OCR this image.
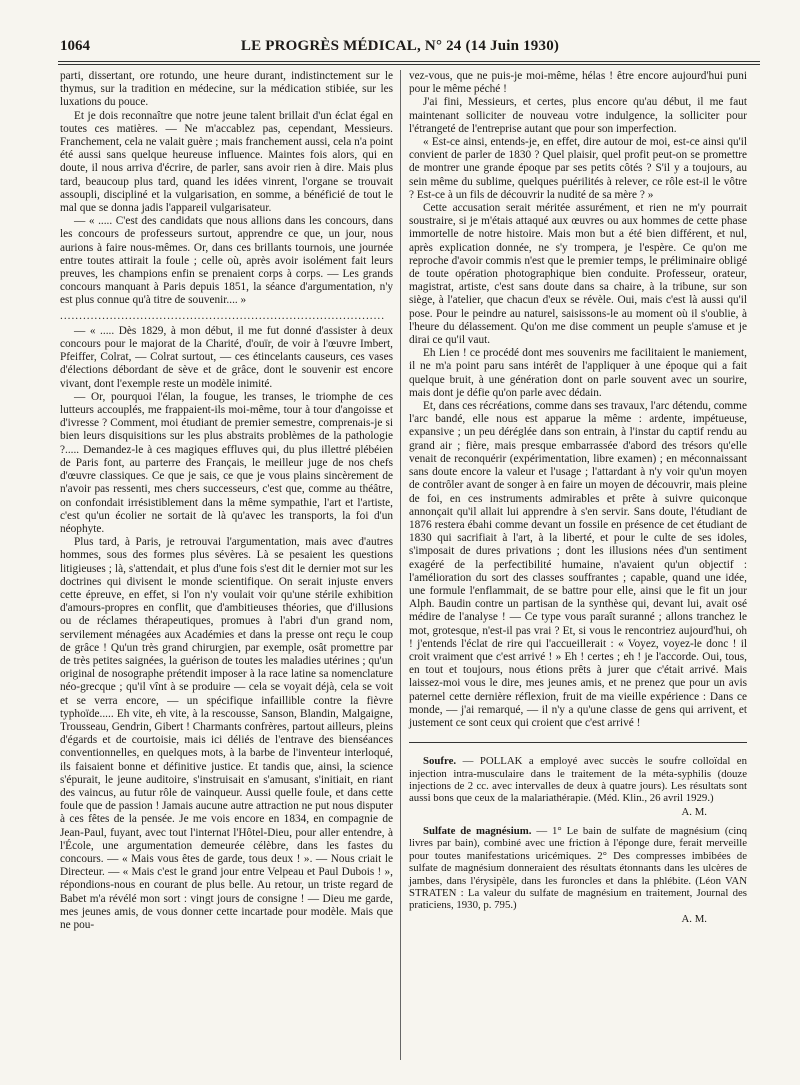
1064	LE PROGRÈS MÉDICAL, N° 24 (14 Juin 1930)

parti, dissertant, ore rotundo, une heure durant, indistinctement sur le thymus, sur la tradition en médecine, sur la médication stibiée, sur les luxations du pouce.

Et je dois reconnaître que notre jeune talent brillait d'un éclat égal en toutes ces matières. — Ne m'accablez pas, cependant, Messieurs. Franchement, cela ne valait guère ; mais franchement aussi, cela n'a point été aussi sans quelque heureuse influence. Maintes fois alors, qui en doute, il nous arriva d'écrire, de parler, sans avoir rien à dire. Mais plus tard, beaucoup plus tard, quand les idées vinrent, l'organe se trouvait assoupli, discipliné et la vulgarisation, en somme, a bénéficié de tout le mal que se donna jadis l'appareil vulgarisateur.

— « ..... C'est des candidats que nous allions dans les concours, dans les concours de professeurs surtout, apprendre ce que, un jour, nous aurions à faire nous-mêmes. Or, dans ces brillants tournois, une journée entre toutes attirait la foule ; celle où, après avoir isolément fait leurs preuves, les champions enfin se prenaient corps à corps. — Les grands concours manquant à Paris depuis 1851, la séance d'argumentation, n'y est plus connue qu'à titre de souvenir.... »

.....................................................................................

— « ..... Dès 1829, à mon début, il me fut donné d'assister à deux concours pour le majorat de la Charité, d'ouïr, de voir à l'œuvre Imbert, Pfeiffer, Colrat, — Colrat surtout, — ces étincelants causeurs, ces vases d'élections débordant de sève et de grâce, dont le souvenir est encore vivant, dont l'exemple reste un modèle inimité.

— Or, pourquoi l'élan, la fougue, les transes, le triomphe de ces lutteurs accouplés, me frappaient-ils moi-même, tour à tour d'angoisse et d'ivresse ? Comment, moi étudiant de premier semestre, comprenais-je si bien leurs disquisitions sur les plus abstraits problèmes de la pathologie ?..... Demandez-le à ces magiques effluves qui, du plus illettré plébéien de Paris font, au parterre des Français, le meilleur juge de nos chefs d'œuvre classiques. Ce que je sais, ce que je vous plains sincèrement de n'avoir pas ressenti, mes chers successeurs, c'est que, comme au théâtre, on confondait irrésistiblement dans la même sympathie, l'art et l'artiste, c'est qu'un écolier ne sortait de là qu'avec les transports, la foi d'un néophyte.

Plus tard, à Paris, je retrouvai l'argumentation, mais avec d'autres hommes, sous des formes plus sévères. Là se pesaient les questions litigieuses ; là, s'attendait, et plus d'une fois s'est dit le dernier mot sur les doctrines qui divisent le monde scientifique. On serait injuste envers cette épreuve, en effet, si l'on n'y voulait voir qu'une stérile exhibition d'amours-propres en conflit, que d'ambitieuses théories, que d'illusions ou de réclames thérapeutiques, promues à l'abri d'un grand nom, servilement ménagées aux Académies et dans la presse ont reçu le coup de grâce ! Qu'un très grand chirurgien, par exemple, osât promettre par de très petites saignées, la guérison de toutes les maladies utérines ; qu'un original de nosographe prétendit imposer à la race latine sa nomenclature néo-grecque ; qu'il vînt à se produire — cela se voyait déjà, cela se voit et se verra encore, — un spécifique infaillible contre la fièvre typhoïde..... Eh vite, eh vite, à la rescousse, Sanson, Blandin, Malgaigne, Trousseau, Gendrin, Gibert ! Charmants confrères, partout ailleurs, pleins d'égards et de courtoisie, mais ici déliés de l'entrave des bienséances conventionnelles, en quelques mots, à la barbe de l'inventeur interloqué, ils faisaient bonne et définitive justice. Et tandis que, ainsi, la science s'épurait, le jeune auditoire, s'instruisait en s'amusant, s'initiait, en riant des vaincus, au futur rôle de vainqueur. Aussi quelle foule, et dans cette foule que de passion ! Jamais aucune autre attraction ne put nous disputer à ces fêtes de la pensée. Je me vois encore en 1834, en compagnie de Jean-Paul, fuyant, avec tout l'internat l'Hôtel-Dieu, pour aller entendre, à l'École, une argumentation demeurée célèbre, dans les fastes du concours. — « Mais vous êtes de garde, tous deux ! ». — Nous criait le Directeur. — « Mais c'est le grand jour entre Velpeau et Paul Dubois ! », répondions-nous en courant de plus belle. Au retour, un triste regard de Babet m'a révélé mon sort : vingt jours de consigne ! — Dieu me garde, mes jeunes amis, de vous donner cette incartade pour modèle. Mais que ne pou-

vez-vous, que ne puis-je moi-même, hélas ! être encore aujourd'hui puni pour le même péché !

J'ai fini, Messieurs, et certes, plus encore qu'au début, il me faut maintenant solliciter de nouveau votre indulgence, la solliciter pour l'étrangeté de l'entreprise autant que pour son imperfection.

« Est-ce ainsi, entends-je, en effet, dire autour de moi, est-ce ainsi qu'il convient de parler de 1830 ? Quel plaisir, quel profit peut-on se promettre de montrer une grande époque par ses petits côtés ? S'il y a toujours, au sein même du sublime, quelques puérilités à relever, ce rôle est-il le vôtre ? Est-ce à un fils de découvrir la nudité de sa mère ? »

Cette accusation serait méritée assurément, et rien ne m'y pourrait soustraire, si je m'étais attaqué aux œuvres ou aux hommes de cette phase immortelle de notre histoire. Mais mon but a été bien différent, et nul, après explication donnée, ne s'y trompera, je l'espère. Ce qu'on me reproche d'avoir commis n'est que le premier temps, le préliminaire obligé de toute opération photographique bien conduite. Professeur, orateur, magistrat, artiste, c'est sans doute dans sa chaire, à la tribune, sur son siège, à l'atelier, que chacun d'eux se révèle. Oui, mais c'est là aussi qu'il pose. Pour le peindre au naturel, saisissons-le au moment où il s'oublie, à l'heure du délassement. Qu'on me dise comment un peuple s'amuse et je dirai ce qu'il vaut.

Eh Lien ! ce procédé dont mes souvenirs me facilitaient le maniement, il ne m'a point paru sans intérêt de l'appliquer à une époque qui a fait quelque bruit, à une génération dont on parle souvent avec un sourire, mais dont je défie qu'on parle avec dédain.

Et, dans ces récréations, comme dans ses travaux, l'arc détendu, comme l'arc bandé, elle nous est apparue la même : ardente, impétueuse, expansive ; un peu déréglée dans son entrain, à l'instar du captif rendu au grand air ; fière, mais presque embarrassée d'abord des trésors qu'elle venait de reconquérir (expérimentation, libre examen) ; en méconnaissant sans doute encore la valeur et l'usage ; l'attardant à n'y voir qu'un moyen de contrôler avant de songer à en faire un moyen de découvrir, mais pleine de foi, en ces instruments admirables et prête à suivre quiconque annonçait qu'il allait lui apprendre à s'en servir. Sans doute, l'étudiant de 1876 restera ébahi comme devant un fossile en présence de cet étudiant de 1830 qui sacrifiait à l'art, à la liberté, et pour le culte de ses idoles, s'imposait de dures privations ; dont les illusions nées d'un sentiment exagéré de la perfectibilité humaine, n'avaient qu'un objectif : l'amélioration du sort des classes souffrantes ; capable, quand une idée, une formule l'enflammait, de se battre pour elle, ainsi que le fit un jour Alph. Baudin contre un partisan de la synthèse qui, devant lui, avait osé médire de l'analyse ! — Ce type vous paraît suranné ; allons tranchez le mot, grotesque, n'est-il pas vrai ? Et, si vous le rencontriez aujourd'hui, oh ! j'entends l'éclat de rire qui l'accueillerait : « Voyez, voyez-le donc ! il croit vraiment que c'est arrivé ! » Eh ! certes ; eh ! je l'accorde. Oui, tous, en tout et toujours, nous étions prêts à jurer que c'était arrivé. Mais laissez-moi vous le dire, mes jeunes amis, et ne prenez que pour un avis paternel cette dernière réflexion, fruit de ma vieille expérience : Dans ce monde, — j'ai remarqué, — il n'y a qu'une classe de gens qui arrivent, et justement ce sont ceux qui croient que c'est arrivé !

Soufre. — POLLAK a employé avec succès le soufre colloïdal en injection intra-musculaire dans le traitement de la méta-syphilis (douze injections de 2 cc. avec intervalles de deux à quatre jours). Les résultats sont aussi bons que ceux de la malariathérapie. (Méd. Klin., 26 avril 1929.)

A. M.

Sulfate de magnésium. — 1° Le bain de sulfate de magnésium (cinq livres par bain), combiné avec une friction à l'éponge dure, ferait merveille pour toutes manifestations uricémiques. 2° Des compresses imbibées de sulfate de magnésium donneraient des résultats étonnants dans les ulcères de jambes, dans l'érysipèle, dans les furoncles et dans la phlébite. (Léon VAN STRATEN : La valeur du sulfate de magnésium en traitement, Journal des praticiens, 1930, p. 795.)

A. M.
